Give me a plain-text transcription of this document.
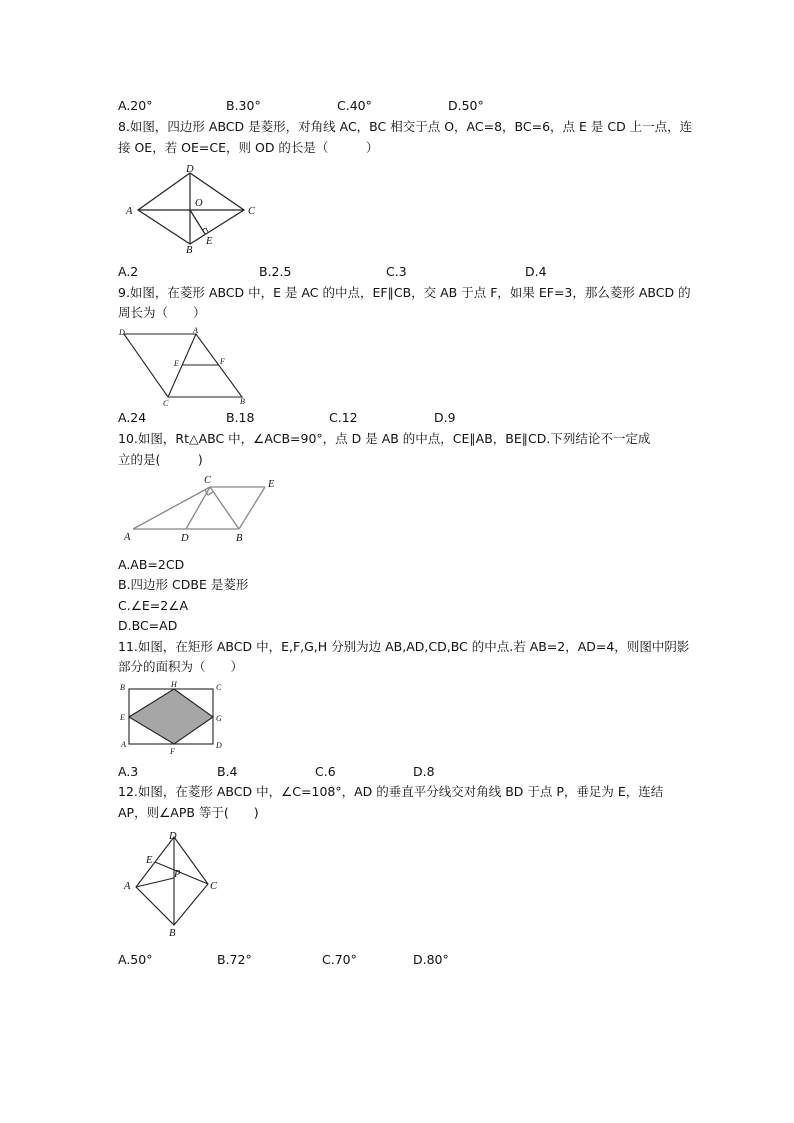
A.20°	B.30°	C.40°	D.50°
8.如图，四边形 ABCD 是菱形，对角线 AC，BC 相交于点 O，AC=8，BC=6，点 E 是 CD 上一点，连
接 OE，若 OE=CE，则 OD 的长是（　　　）
D
A	C
O
B
E
A.2	B.2.5	C.3	D.4
9.如图，在菱形 ABCD 中，E 是 AC 的中点，EF∥CB，交 AB 于点 F，如果 EF=3，那么菱形 ABCD 的
周长为（　　）
D	A
E	F
C	B
A.24	B.18	C.12	D.9
10.如图，Rt△ABC 中，∠ACB=90°，点 D 是 AB 的中点，CE∥AB，BE∥CD.下列结论不一定成
立的是(　　　)
C	E
A	D	B
A.AB=2CD
B.四边形 CDBE 是菱形
C.∠E=2∠A
D.BC=AD
11.如图，在矩形 ABCD 中，E,F,G,H 分别为边 AB,AD,CD,BC 的中点.若 AB=2，AD=4，则图中阴影
部分的面积为（　　）
B	H	C
E	G
A
F
D
A.3	B.4	C.6	D.8
12.如图，在菱形 ABCD 中，∠C=108°，AD 的垂直平分线交对角线 BD 于点 P，垂足为 E，连结
AP，则∠APB 等于(　　)
D
E
P
A	C
B
A.50°	B.72°	C.70°	D.80°
